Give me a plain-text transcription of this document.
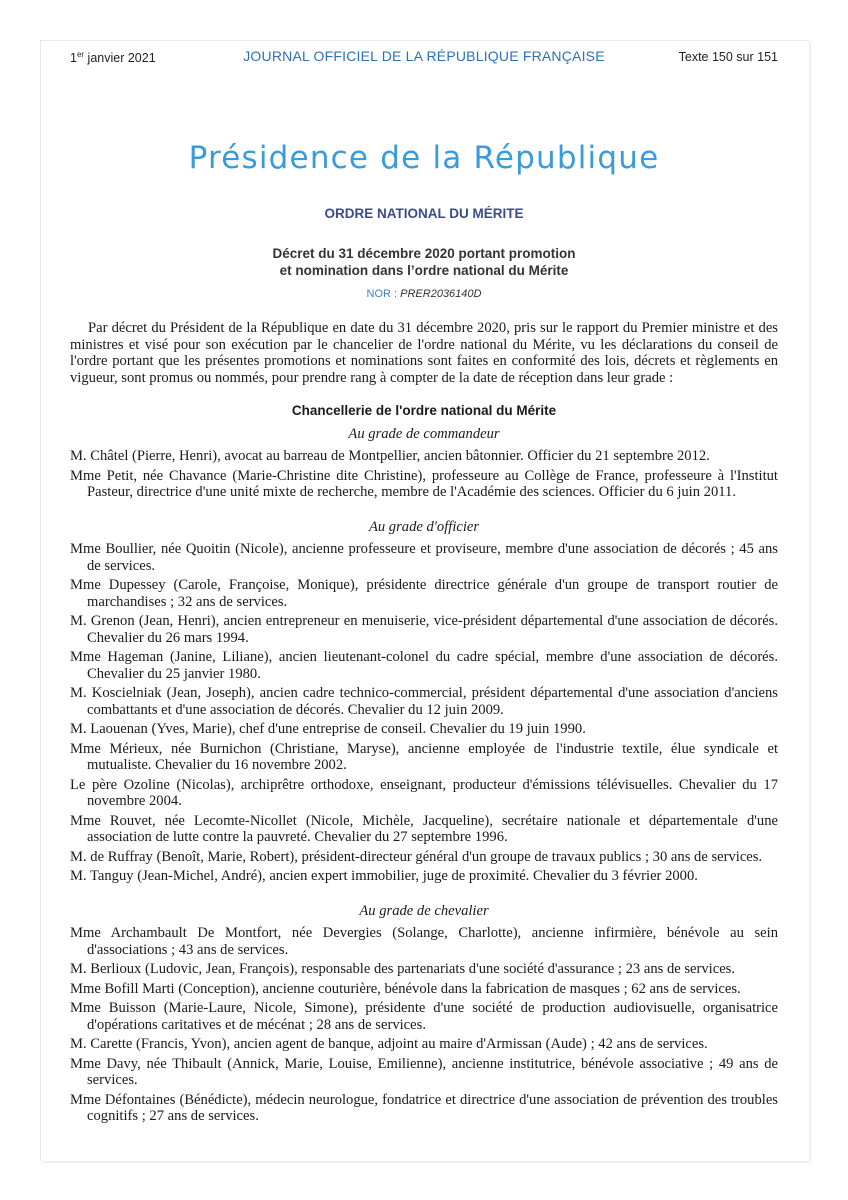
1er janvier 2021	JOURNAL OFFICIEL DE LA RÉPUBLIQUE FRANÇAISE	Texte 150 sur 151
Présidence de la République
ORDRE NATIONAL DU MÉRITE
Décret du 31 décembre 2020 portant promotion
et nomination dans l’ordre national du Mérite
NOR : PRER2036140D

Par décret du Président de la République en date du 31 décembre 2020, pris sur le rapport du Premier ministre et des ministres et visé pour son exécution par le chancelier de l'ordre national du Mérite, vu les déclarations du conseil de l'ordre portant que les présentes promotions et nominations sont faites en conformité des lois, décrets et règlements en vigueur, sont promus ou nommés, pour prendre rang à compter de la date de réception dans leur grade :

Chancellerie de l'ordre national du Mérite
Au grade de commandeur

M. Châtel (Pierre, Henri), avocat au barreau de Montpellier, ancien bâtonnier. Officier du 21 septembre 2012.

Mme Petit, née Chavance (Marie-Christine dite Christine), professeure au Collège de France, professeure à l'Institut Pasteur, directrice d'une unité mixte de recherche, membre de l'Académie des sciences. Officier du 6 juin 2011.

Au grade d'officier

Mme Boullier, née Quoitin (Nicole), ancienne professeure et proviseure, membre d'une association de décorés ; 45 ans de services.

Mme Dupessey (Carole, Françoise, Monique), présidente directrice générale d'un groupe de transport routier de marchandises ; 32 ans de services.

M. Grenon (Jean, Henri), ancien entrepreneur en menuiserie, vice-président départemental d'une association de décorés. Chevalier du 26 mars 1994.

Mme Hageman (Janine, Liliane), ancien lieutenant-colonel du cadre spécial, membre d'une association de décorés. Chevalier du 25 janvier 1980.

M. Koscielniak (Jean, Joseph), ancien cadre technico-commercial, président départemental d'une association d'anciens combattants et d'une association de décorés. Chevalier du 12 juin 2009.

M. Laouenan (Yves, Marie), chef d'une entreprise de conseil. Chevalier du 19 juin 1990.

Mme Mérieux, née Burnichon (Christiane, Maryse), ancienne employée de l'industrie textile, élue syndicale et mutualiste. Chevalier du 16 novembre 2002.

Le père Ozoline (Nicolas), archiprêtre orthodoxe, enseignant, producteur d'émissions télévisuelles. Chevalier du 17 novembre 2004.

Mme Rouvet, née Lecomte-Nicollet (Nicole, Michèle, Jacqueline), secrétaire nationale et départementale d'une association de lutte contre la pauvreté. Chevalier du 27 septembre 1996.

M. de Ruffray (Benoît, Marie, Robert), président-directeur général d'un groupe de travaux publics ; 30 ans de services.

M. Tanguy (Jean-Michel, André), ancien expert immobilier, juge de proximité. Chevalier du 3 février 2000.

Au grade de chevalier

Mme Archambault De Montfort, née Devergies (Solange, Charlotte), ancienne infirmière, bénévole au sein d'associations ; 43 ans de services.

M. Berlioux (Ludovic, Jean, François), responsable des partenariats d'une société d'assurance ; 23 ans de services.

Mme Bofill Marti (Conception), ancienne couturière, bénévole dans la fabrication de masques ; 62 ans de services.

Mme Buisson (Marie-Laure, Nicole, Simone), présidente d'une société de production audiovisuelle, organisatrice d'opérations caritatives et de mécénat ; 28 ans de services.

M. Carette (Francis, Yvon), ancien agent de banque, adjoint au maire d'Armissan (Aude) ; 42 ans de services.

Mme Davy, née Thibault (Annick, Marie, Louise, Emilienne), ancienne institutrice, bénévole associative ; 49 ans de services.

Mme Défontaines (Bénédicte), médecin neurologue, fondatrice et directrice d'une association de prévention des troubles cognitifs ; 27 ans de services.
